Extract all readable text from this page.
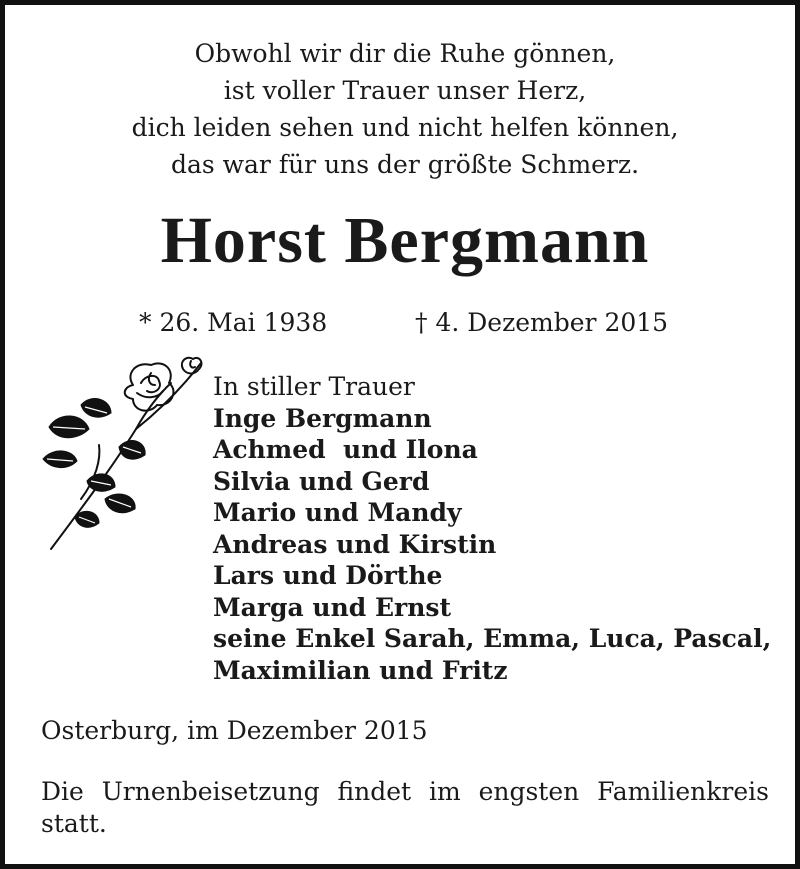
Obwohl wir dir die Ruhe gönnen,
ist voller Trauer unser Herz,
dich leiden sehen und nicht helfen können,
das war für uns der größte Schmerz.
Horst Bergmann
* 26. Mai 1938	† 4. Dezember 2015
In stiller Trauer
Inge Bergmann
Achmed  und Ilona
Silvia und Gerd
Mario und Mandy
Andreas und Kirstin
Lars und Dörthe
Marga und Ernst
seine Enkel Sarah, Emma, Luca, Pascal,
Maximilian und Fritz
Osterburg, im Dezember 2015
Die Urnenbeisetzung findet im engsten Familienkreis statt.
